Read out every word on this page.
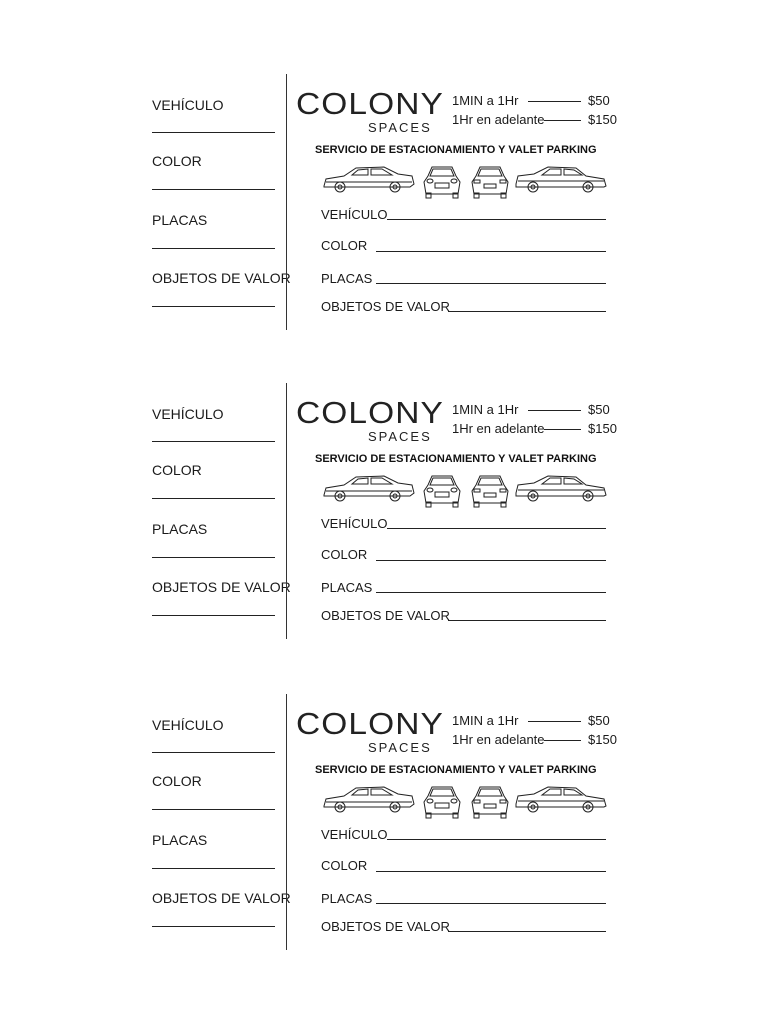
VEHÍCULO
COLOR
PLACAS
OBJETOS DE VALOR
COLONY
SPACES
1MIN a 1Hr	$50
1Hr en adelante	$150
SERVICIO DE ESTACIONAMIENTO Y VALET PARKING
VEHÍCULO
COLOR
PLACAS
OBJETOS DE VALOR
VEHÍCULO
COLOR
PLACAS
OBJETOS DE VALOR
COLONY
SPACES
1MIN a 1Hr	$50
1Hr en adelante	$150
SERVICIO DE ESTACIONAMIENTO Y VALET PARKING
VEHÍCULO
COLOR
PLACAS
OBJETOS DE VALOR
VEHÍCULO
COLOR
PLACAS
OBJETOS DE VALOR
COLONY
SPACES
1MIN a 1Hr	$50
1Hr en adelante	$150
SERVICIO DE ESTACIONAMIENTO Y VALET PARKING
VEHÍCULO
COLOR
PLACAS
OBJETOS DE VALOR
